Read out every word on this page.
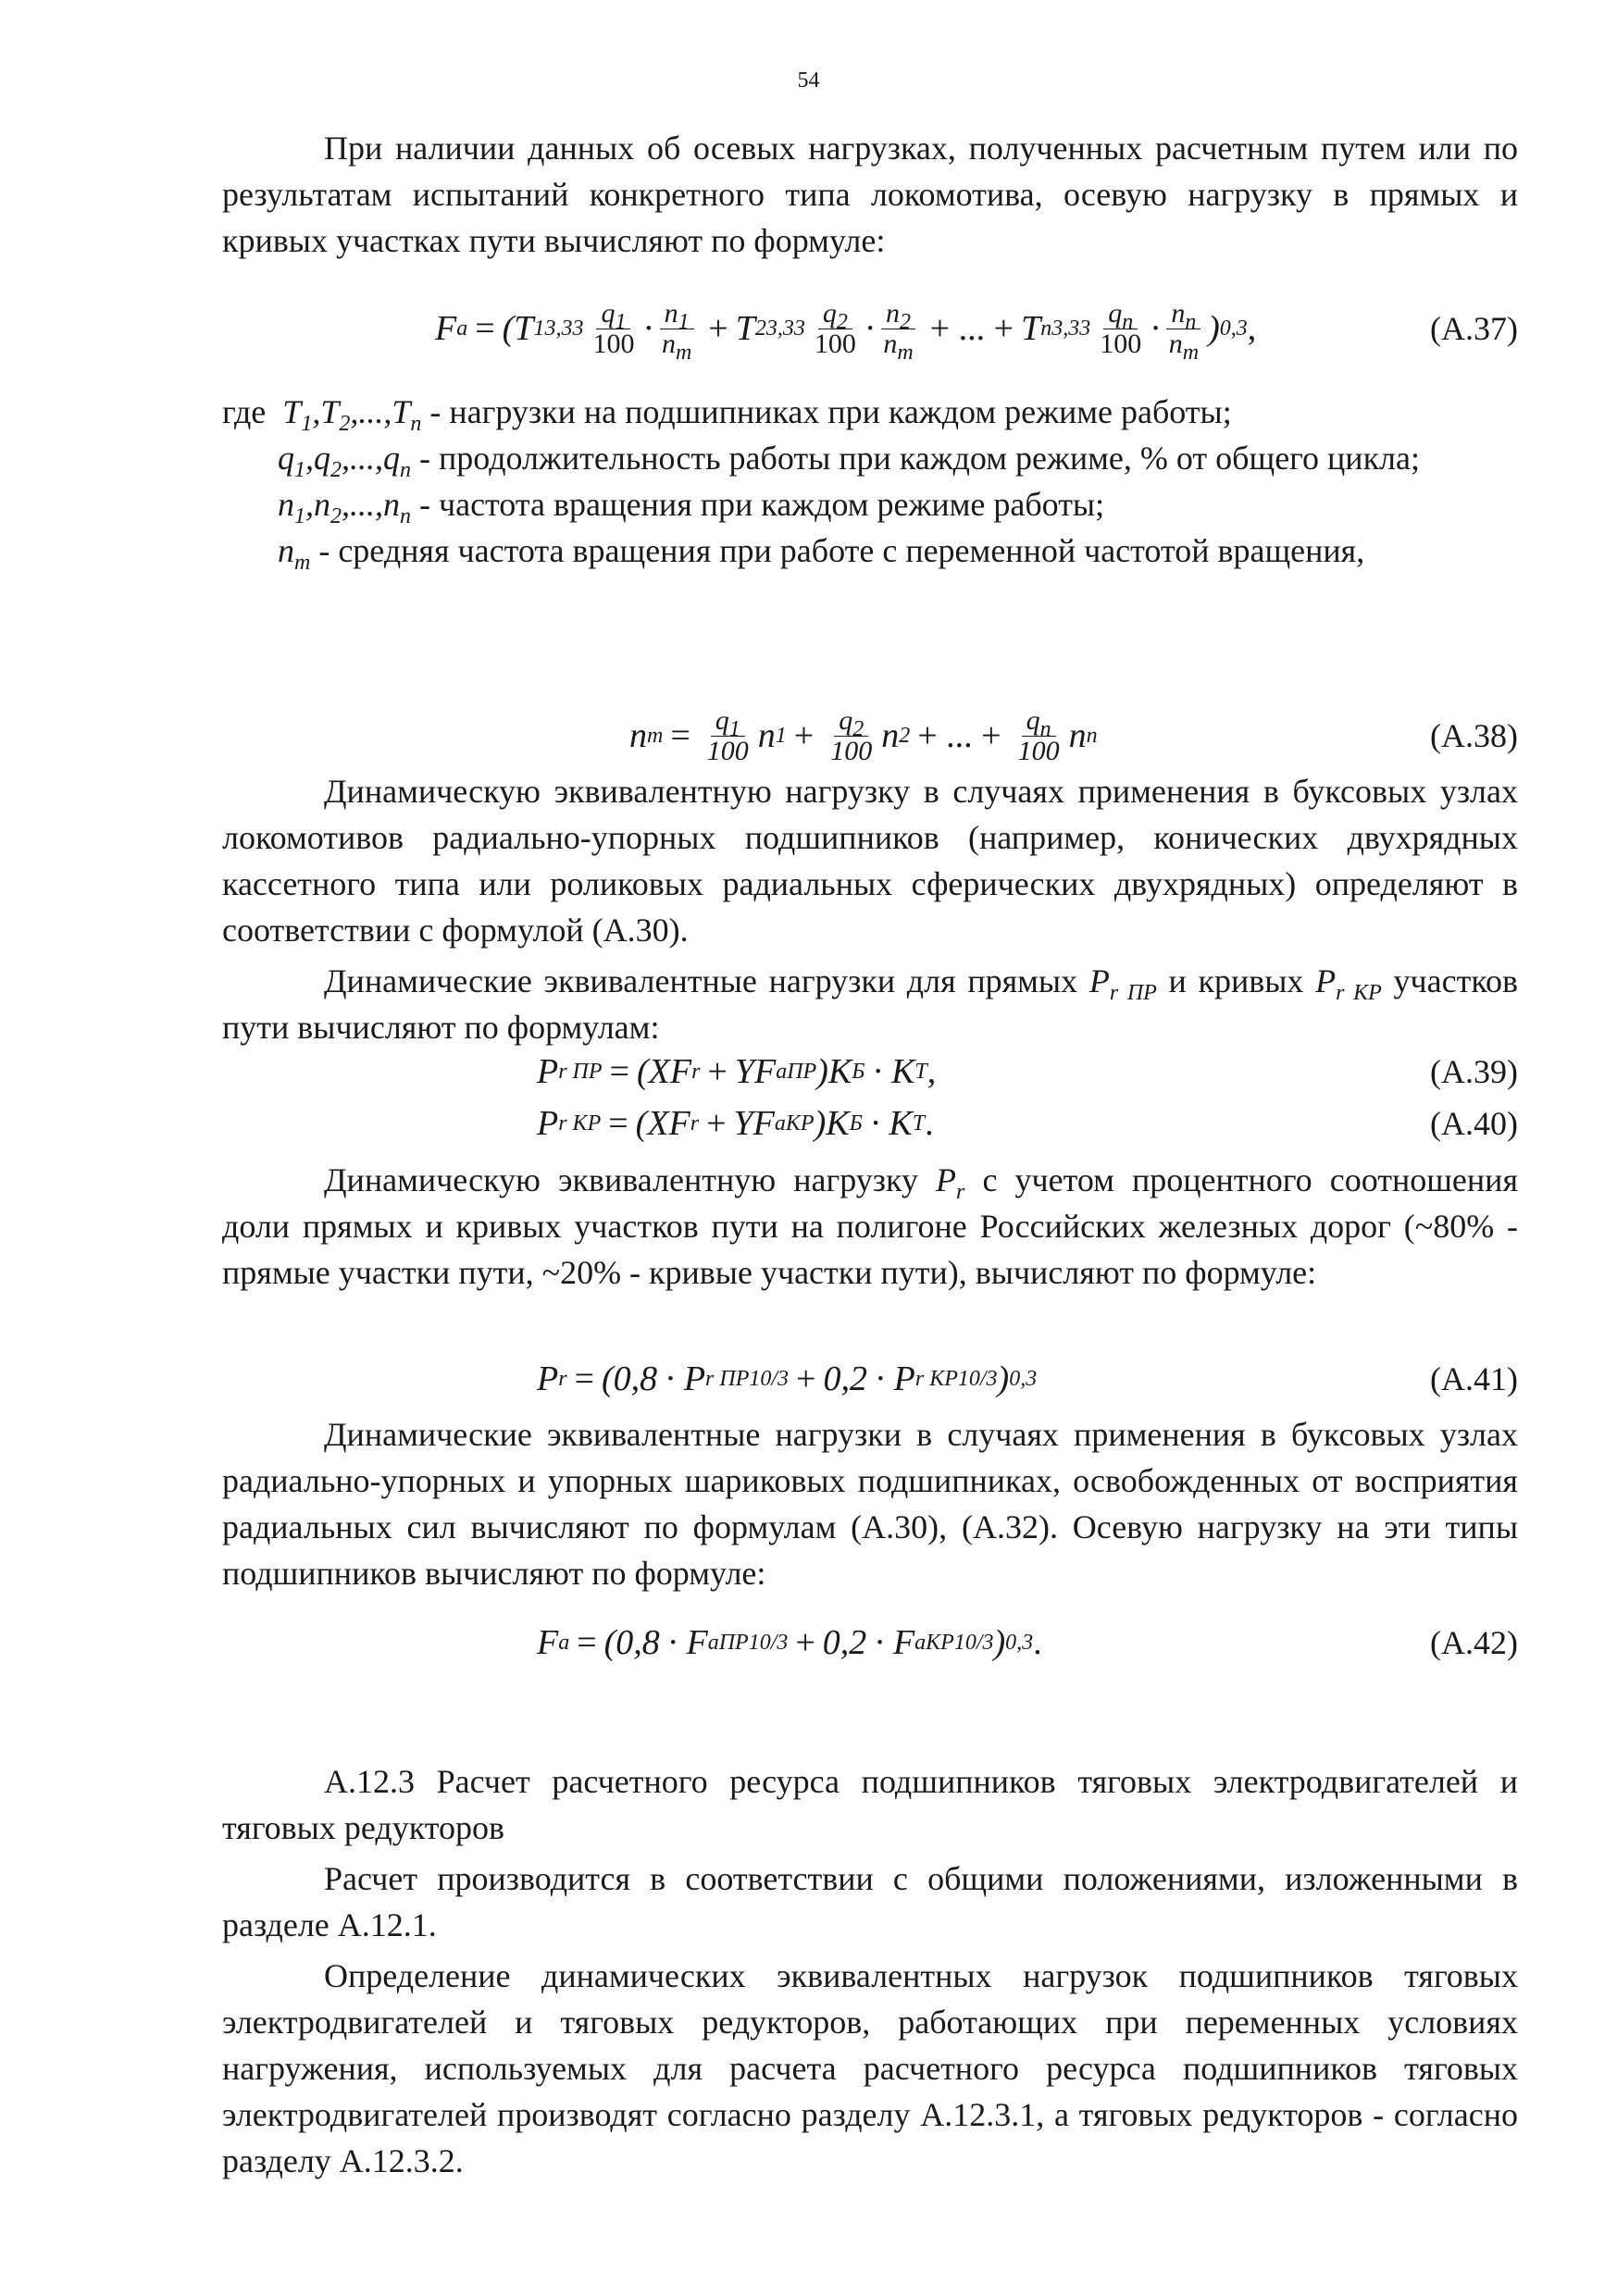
54

При наличии данных об осевых нагрузках, полученных расчетным путем или по результатам испытаний конкретного типа локомотива, осевую нагрузку в прямых и кривых участках пути вычисляют по формуле:

F a = (T 1 $3,33 \frac{q_1}{100} \cdot \frac{n_1}{n_m} + T$ 2 $3,33 \frac{q_2}{100} \cdot \frac{n_2}{n_m}$ + ... + T n $3,33 \frac{q_n}{100} \cdot \frac{n_n}{n_m}$ ) 0,3 ,	(А.37)

где  $T_1,T_2,...,T_n$ - нагрузки на подшипниках при каждом режиме работы;

$q_1,q_2,...,q_n$ - продолжительность работы при каждом режиме, % от общего цикла;

$n_1,n_2,...,n_n$ - частота вращения при каждом режиме работы;

$n_m$ - средняя частота вращения при работе с переменной частотой вращения,

n $m = \frac{q_1}{100}$ n $1 + \frac{q_2}{100}$ n 2 + ... + $\frac{q_n}{100}$ n n	(А.38)

Динамическую эквивалентную нагрузку в случаях применения в буксовых узлах локомотивов радиально-упорных подшипников (например, конических двухрядных кассетного типа или роликовых радиальных сферических двухрядных) определяют в соответствии с формулой (А.30).

Динамические эквивалентные нагрузки для прямых $P_{r ПР}$ и кривых $P_{r KP}$ участков пути вычисляют по формулам:

P r ПР = (XF r + YF aПР )K Б · K T ,	(А.39)
P r KP = (XF r + YF aKP )K Б · K T .	(А.40)

Динамическую эквивалентную нагрузку $P_r$ с учетом процентного соотношения доли прямых и кривых участков пути на полигоне Российских железных дорог (~80% - прямые участки пути, ~20% - кривые участки пути), вычисляют по формуле:

P r = (0,8 · P r ПР 10/3 + 0,2 · P r KP 10/3 ) 0,3	(А.41)

Динамические эквивалентные нагрузки в случаях применения в буксовых узлах радиально-упорных и упорных шариковых подшипниках, освобожденных от восприятия радиальных сил вычисляют по формулам (А.30), (А.32). Осевую нагрузку на эти типы подшипников вычисляют по формуле:

F a = (0,8 · F aПР 10/3 + 0,2 · F aKP 10/3 ) 0,3 .	(А.42)

А.12.3 Расчет расчетного ресурса подшипников тяговых электродвигателей и тяговых редукторов

Расчет производится в соответствии с общими положениями, изложенными в разделе А.12.1.

Определение динамических эквивалентных нагрузок подшипников тяговых электродвигателей и тяговых редукторов, работающих при переменных условиях нагружения, используемых для расчета расчетного ресурса подшипников тяговых электродвигателей производят согласно разделу А.12.3.1, а тяговых редукторов - согласно разделу А.12.3.2.
